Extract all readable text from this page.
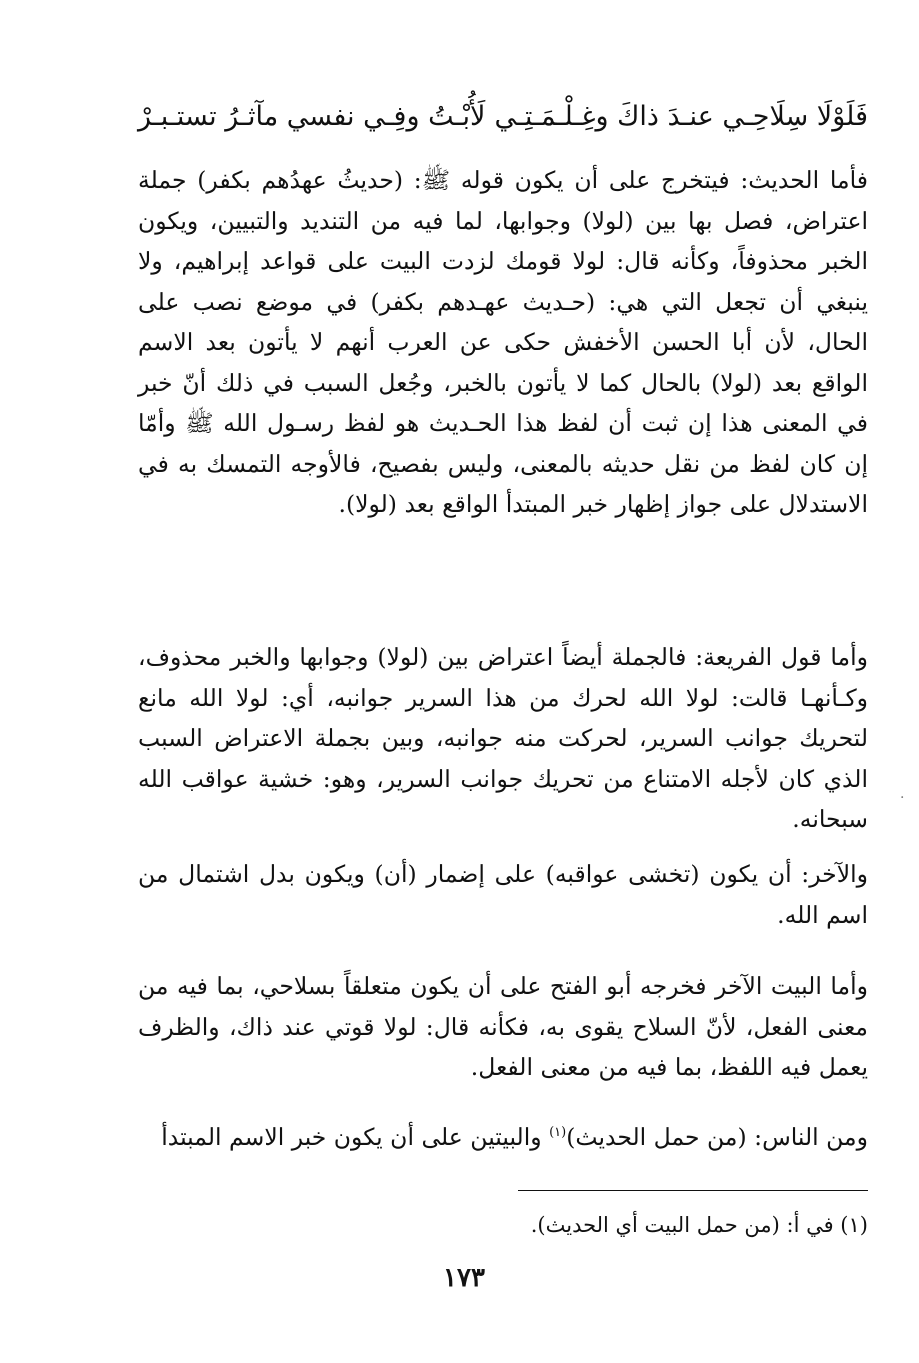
فَلَوْلَا سِلَاحِـي عنـدَ ذاكَ وغِـلْـمَـتِـي
لَأُبْـتُ وفِـي نفسي مآثـرُ تستـبـرْ

فأما الحديث: فيتخرج على أن يكون قوله ﷺ: (حديثُ عهدُهم بكفر) جملة اعتراض، فصل بها بين (لولا) وجوابها، لما فيه من التنديد والتبيين، ويكون الخبر محذوفاً، وكأنه قال: لولا قومك لزدت البيت على قواعد إبراهيم، ولا ينبغي أن تجعل التي هي: (حـديث عهـدهم بكفر) في موضع نصب على الحال، لأن أبا الحسن الأخفش حكى عن العرب أنهم لا يأتون بعد الاسم الواقع بعد (لولا) بالحال كما لا يأتون بالخبر، وجُعل السبب في ذلك أنّ خبر في المعنى هذا إن ثبت أن لفظ هذا الحـديث هو لفظ رسـول الله ﷺ وأمّا إن كان لفظ من نقل حديثه بالمعنى، وليس بفصيح، فالأوجه التمسك به في الاستدلال على جواز إظهار خبر المبتدأ الواقع بعد (لولا).

وأما قول الفريعة: فالجملة أيضاً اعتراض بين (لولا) وجوابها والخبر محذوف، وكـأنهـا قالت: لولا الله لحرك من هذا السرير جوانبه، أي: لولا الله مانع لتحريك جوانب السرير، لحركت منه جوانبه، وبين بجملة الاعتراض السبب الذي كان لأجله الامتناع من تحريك جوانب السرير، وهو: خشية عواقب الله سبحانه.

والآخر: أن يكون (تخشى عواقبه) على إضمار (أن) ويكون بدل اشتمال من اسم الله.

وأما البيت الآخر فخرجه أبو الفتح على أن يكون متعلقاً بسلاحي، بما فيه من معنى الفعل، لأنّ السلاح يقوى به، فكأنه قال: لولا قوتي عند ذاك، والظرف يعمل فيه اللفظ، بما فيه من معنى الفعل.

ومن الناس: (من حمل الحديث)$^{(١)}$ والبيتين على أن يكون خبر الاسم المبتدأ

(١) في أ: (من حمل البيت أي الحديث).

١٧٣
·
